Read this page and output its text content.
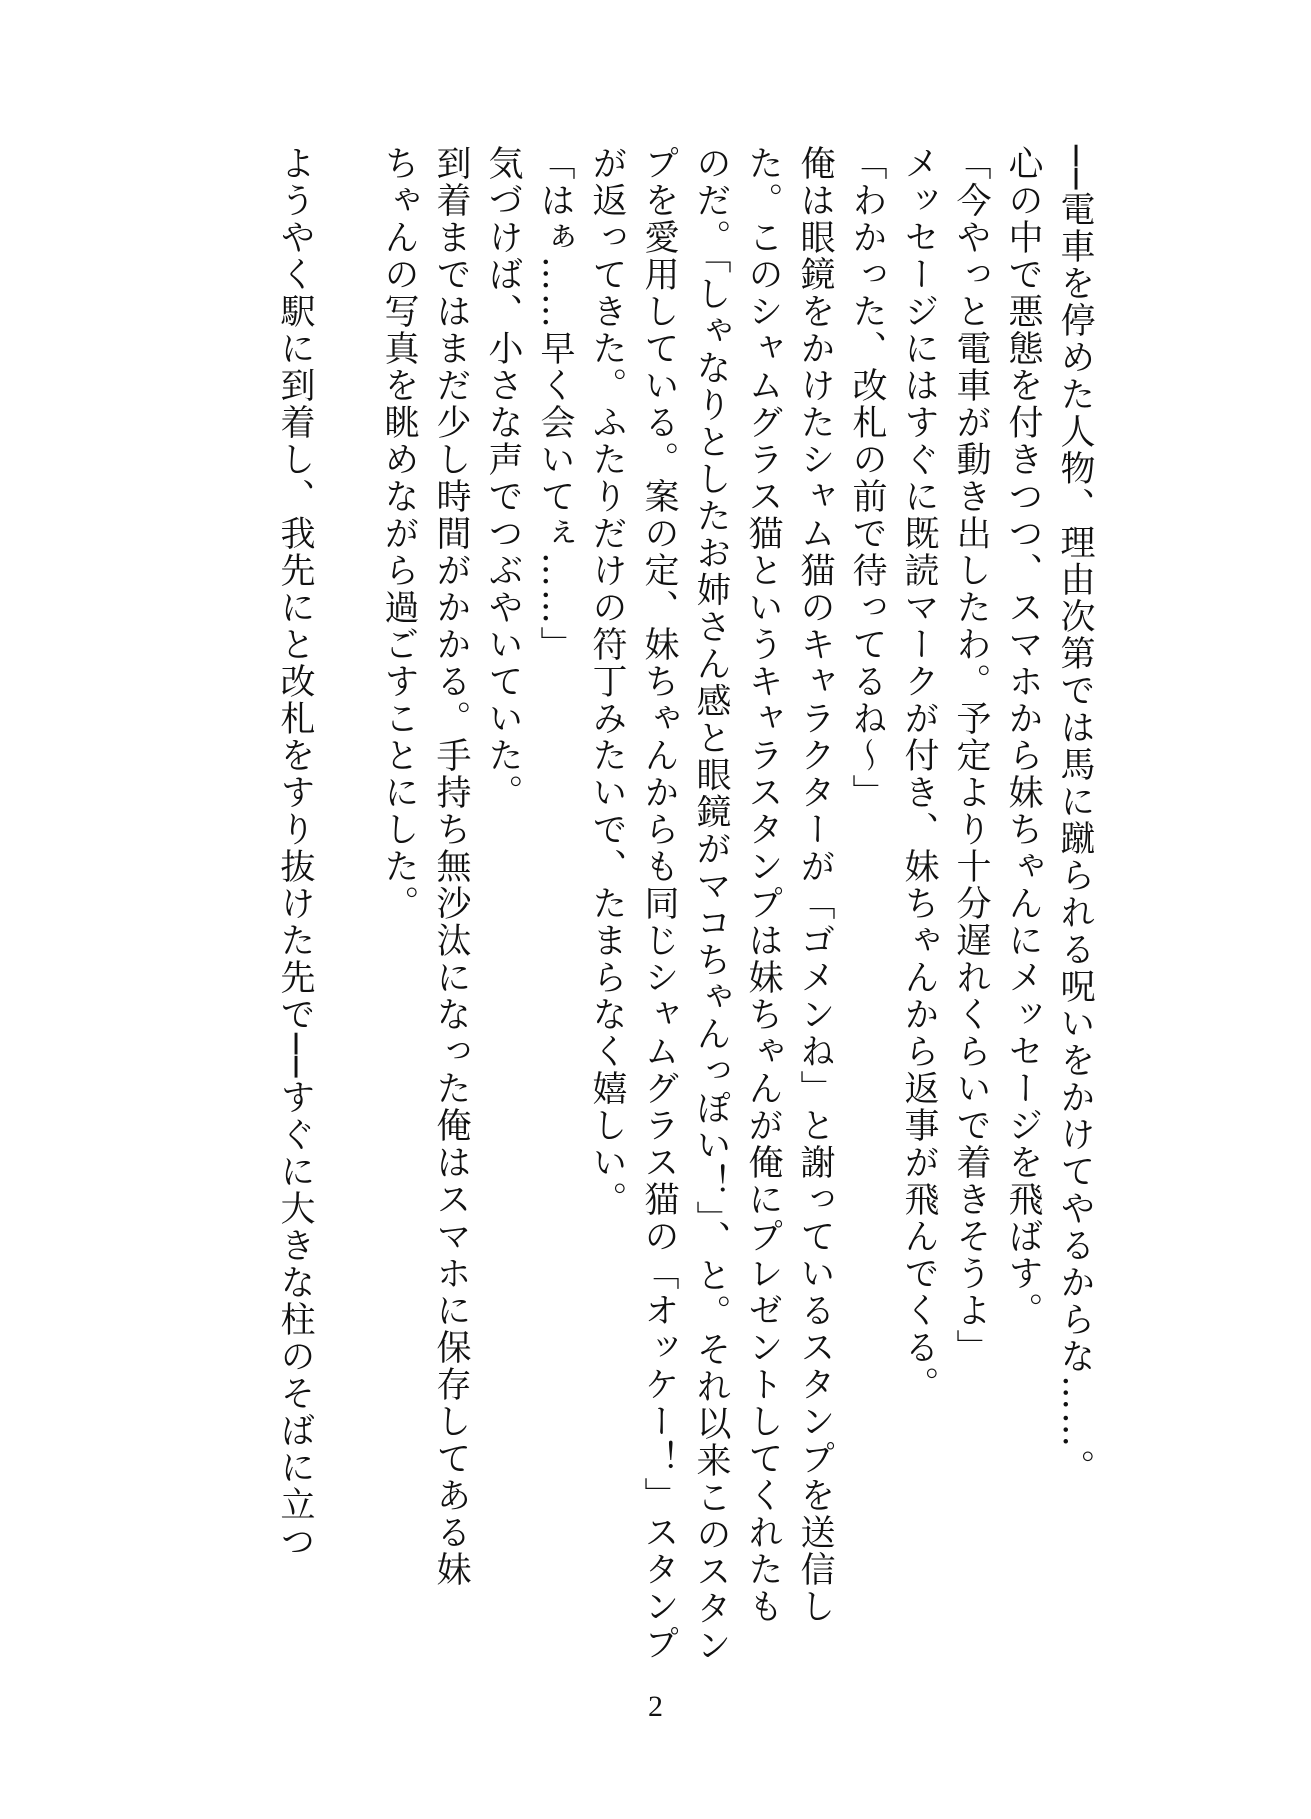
──電車を停めた人物、理由次第では馬に蹴られる呪いをかけてやるからな……。
心の中で悪態を付きつつ、スマホから妹ちゃんにメッセージを飛ばす。
「今やっと電車が動き出したわ。予定より十分遅れくらいで着きそうよ」
メッセージにはすぐに既読マークが付き、妹ちゃんから返事が飛んでくる。
「わかった、改札の前で待ってるね～」
俺は眼鏡をかけたシャム猫のキャラクターが「ゴメンね」と謝っているスタンプを送信し
た。このシャムグラス猫というキャラスタンプは妹ちゃんが俺にプレゼントしてくれたも
のだ。「しゃなりとしたお姉さん感と眼鏡がマコちゃんっぽい！」、と。それ以来このスタン
プを愛用している。案の定、妹ちゃんからも同じシャムグラス猫の「オッケー！」スタンプ
が返ってきた。ふたりだけの符丁みたいで、たまらなく嬉しい。
「はぁ……早く会いてぇ……」
気づけば、小さな声でつぶやいていた。
到着まではまだ少し時間がかかる。手持ち無沙汰になった俺はスマホに保存してある妹
ちゃんの写真を眺めながら過ごすことにした。
ようやく駅に到着し、我先にと改札をすり抜けた先で──すぐに大きな柱のそばに立つ
2
